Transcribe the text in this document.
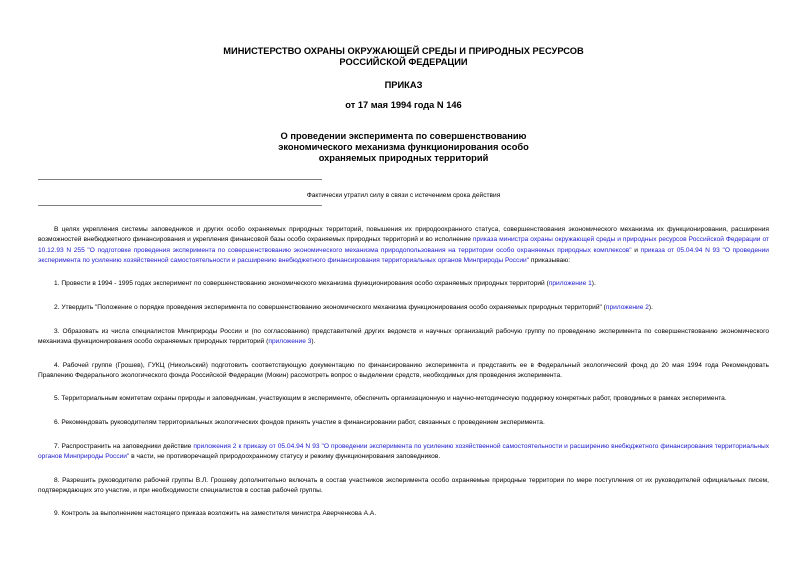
МИНИСТЕРСТВО ОХРАНЫ ОКРУЖАЮЩЕЙ СРЕДЫ И ПРИРОДНЫХ РЕСУРСОВ
РОССИЙСКОЙ ФЕДЕРАЦИИ
ПРИКАЗ
от 17 мая 1994 года N 146
О проведении эксперимента по совершенствованию
экономического механизма функционирования особо
охраняемых природных территорий
Фактически утратил силу в связи с истечением срока действия

В целях укрепления системы заповедников и других особо охраняемых природных территорий, повышения их природоохранного статуса, совершенствования экономического механизма их функционирования, расширения возможностей внебюджетного финансирования и укрепления финансовой базы особо охраняемых природных территорий и во исполнение приказа министра охраны окружающей среды и природных ресурсов Российской Федерации от 10.12.93 N 255 "О подготовке проведения эксперимента по совершенствованию экономического механизма природопользования на территории особо охраняемых природных комплексов" и приказа от 05.04.94 N 93 "О проведении эксперимента по усилению хозяйственной самостоятельности и расширению внебюджетного финансирования территориальных органов Минприроды России" приказываю:

1. Провести в 1994 - 1995 годах эксперимент по совершенствованию экономического механизма функционирования особо охраняемых природных территорий (приложение 1).

2. Утвердить "Положение о порядке проведения эксперимента по совершенствованию экономического механизма функционирования особо охраняемых природных территорий" (приложение 2).

3. Образовать из числа специалистов Минприроды России и (по согласованию) представителей других ведомств и научных организаций рабочую группу по проведению эксперимента по совершенствованию экономического механизма функционирования особо охраняемых природных территорий (приложение 3).

4. Рабочей группе (Грошев), ГУКЦ (Никольский) подготовить соответствующую документацию по финансированию эксперимента и представить ее в Федеральный экологический фонд до 20 мая 1994 года Рекомендовать Правлению Федерального экологического фонда Российской Федерации (Мокин) рассмотреть вопрос о выделении средств, необходимых для проведения эксперимента.

5. Территориальным комитетам охраны природы и заповедникам, участвующим в эксперименте, обеспечить организационную и научно-методическую поддержку конкретных работ, проводимых в рамках эксперимента.

6. Рекомендовать руководителям территориальных экологических фондов принять участие в финансировании работ, связанных с проведением эксперимента.

7. Распространить на заповедники действие приложения 2 к приказу от 05.04.94 N 93 "О проведении эксперимента по усилению хозяйственной самостоятельности и расширению внебюджетного финансирования территориальных органов Минприроды России" в части, не противоречащей природоохранному статусу и режиму функционирования заповедников.

8. Разрешить руководителю рабочей группы В.Л. Грошеву дополнительно включать в состав участников эксперимента особо охраняемые природные территории по мере поступления от их руководителей официальных писем, подтверждающих это участие, и при необходимости специалистов в состав рабочей группы.

9. Контроль за выполнением настоящего приказа возложить на заместителя министра Аверченкова А.А.
